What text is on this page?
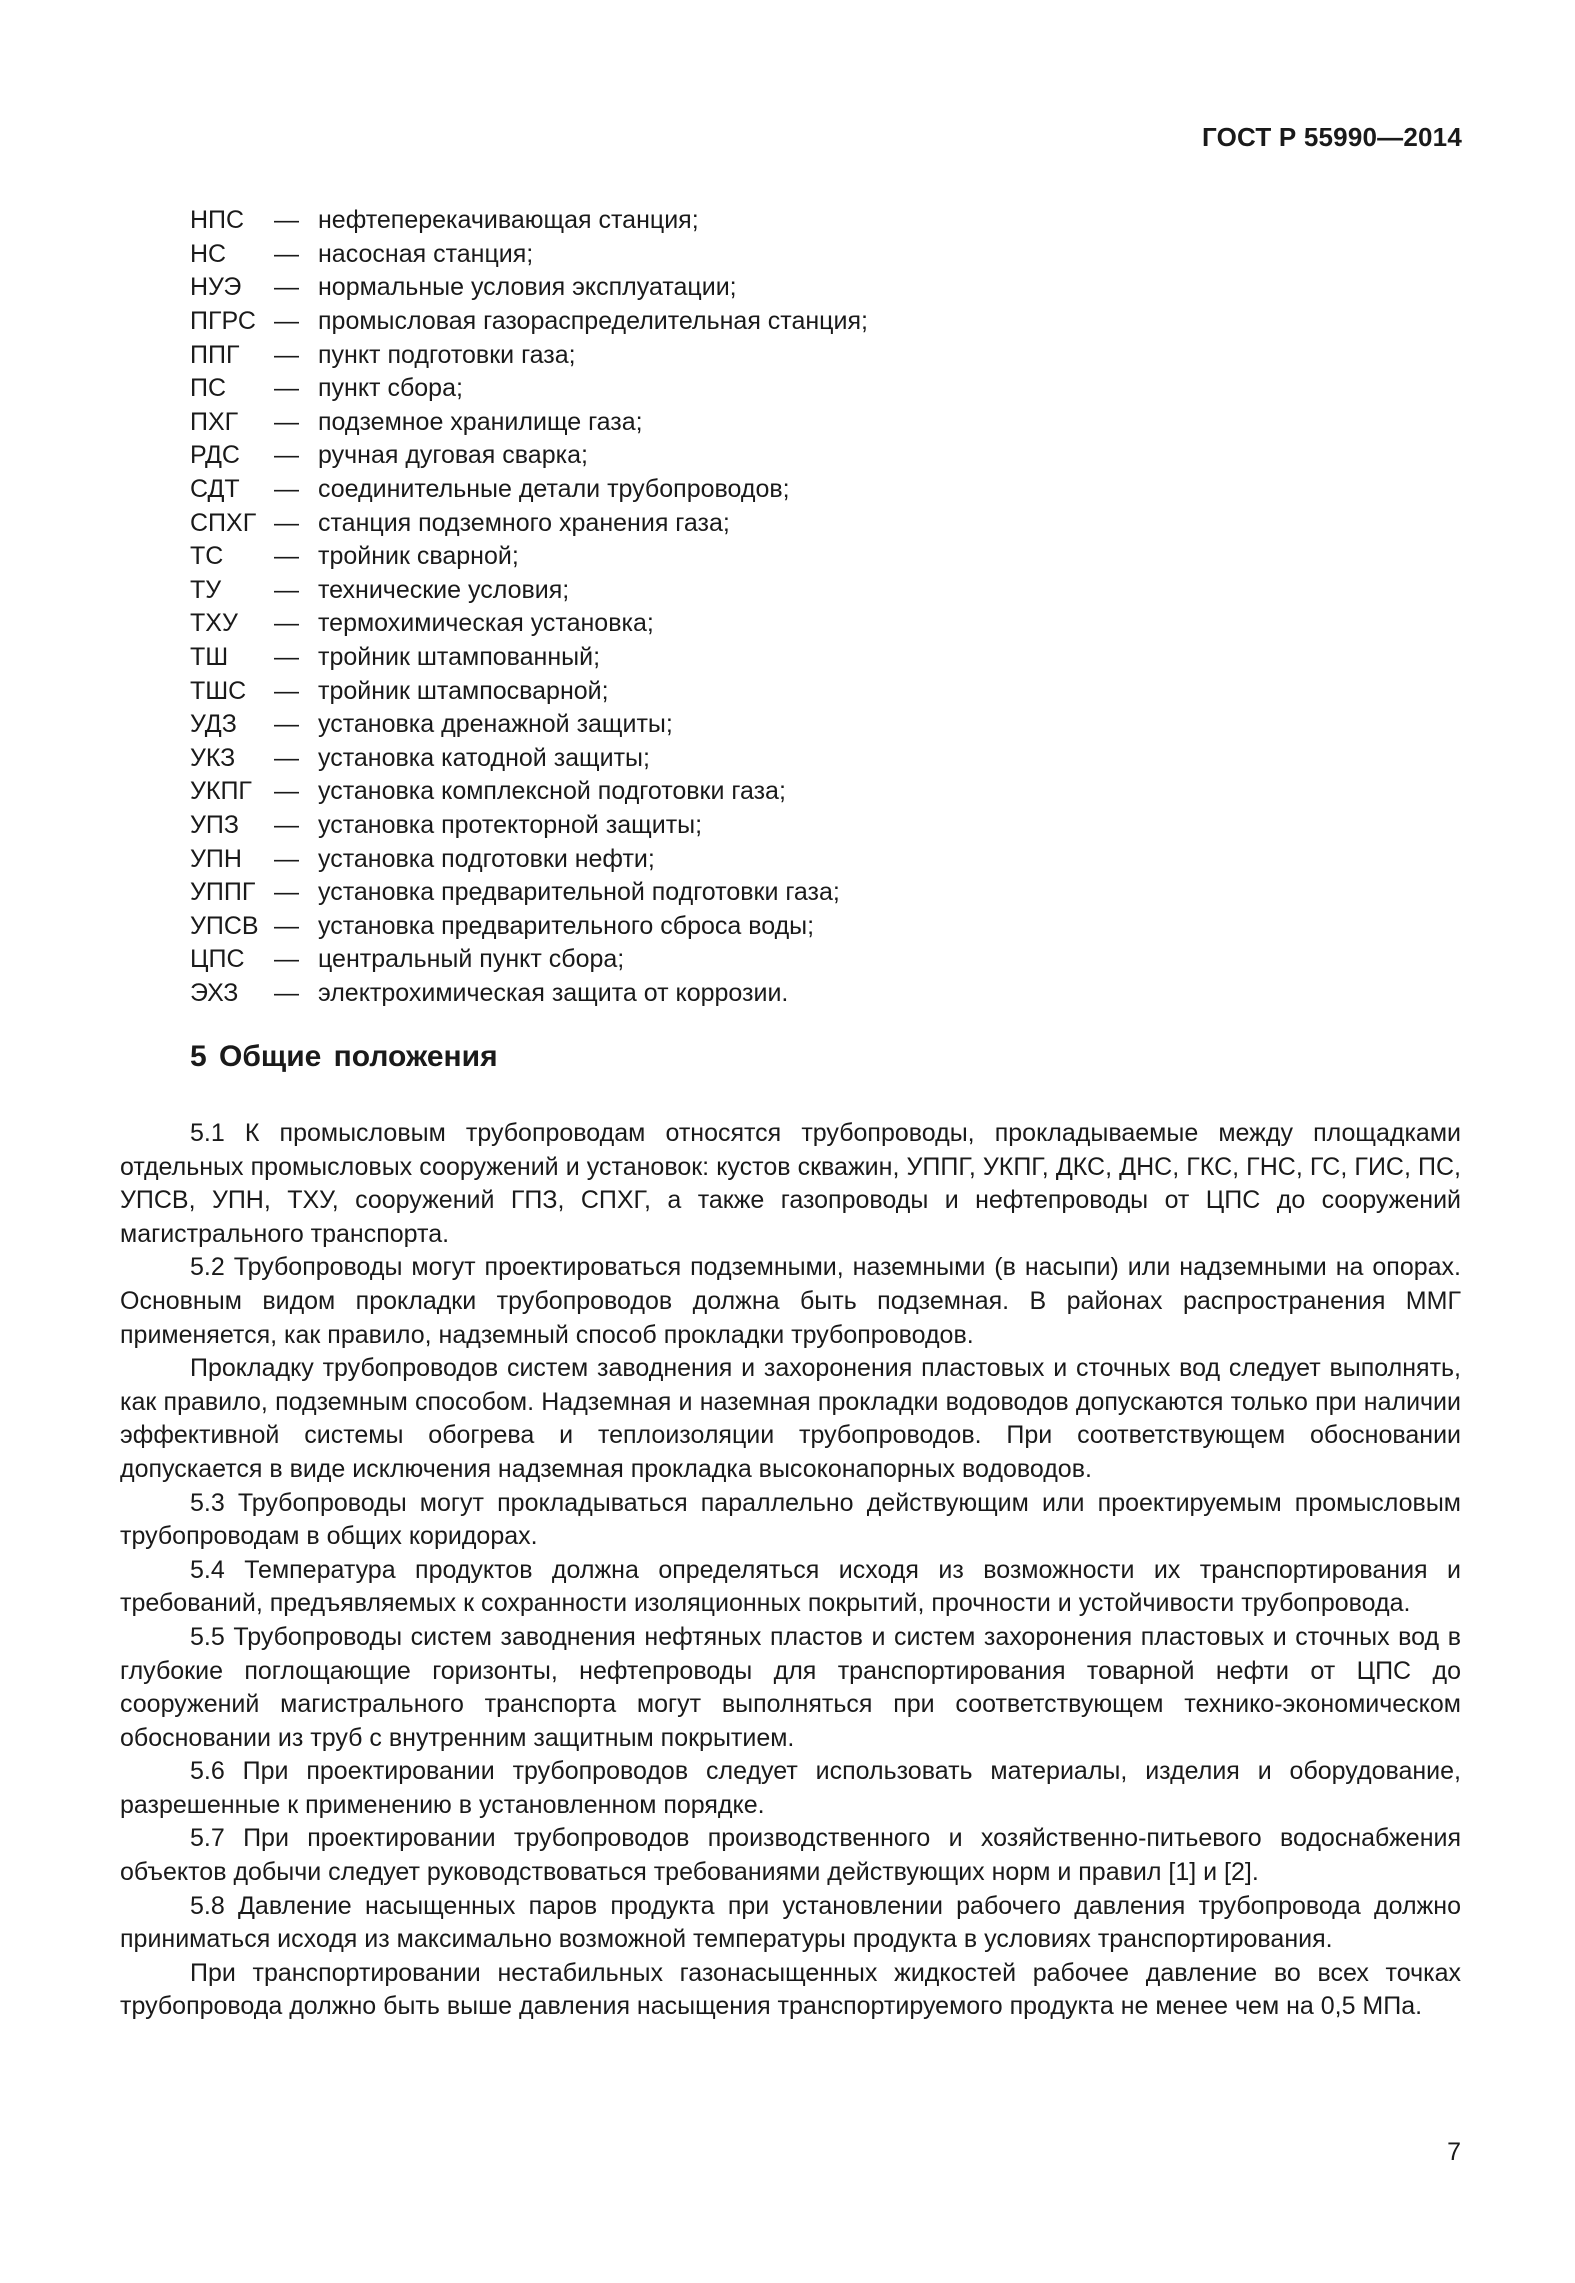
ГОСТ Р 55990—2014
НПС	— нефтеперекачивающая станция;
НС	— насосная станция;
НУЭ	— нормальные условия эксплуатации;
ПГРС — промысловая газораспределительная станция;
ППГ	— пункт подготовки газа;
ПС	— пункт сбора;
ПХГ	— подземное хранилище газа;
РДС	— ручная дуговая сварка;
СДТ	— соединительные детали трубопроводов;
СПХГ — станция подземного хранения газа;
ТС	— тройник сварной;
ТУ	— технические условия;
ТХУ	— термохимическая установка;
ТШ	— тройник штампованный;
ТШС	— тройник штампосварной;
УДЗ	— установка дренажной защиты;
УКЗ	— установка катодной защиты;
УКПГ — установка комплексной подготовки газа;
УПЗ	— установка протекторной защиты;
УПН	— установка подготовки нефти;
УППГ — установка предварительной подготовки газа;
УПСВ — установка предварительного сброса воды;
ЦПС	— центральный пункт сбора;
ЭХЗ	— электрохимическая защита от коррозии.
5 Общие положения

5.1 К промысловым трубопроводам относятся трубопроводы, прокладываемые между площадками отдельных промысловых сооружений и установок: кустов скважин, УППГ, УКПГ, ДКС, ДНС, ГКС, ГНС, ГС, ГИС, ПС, УПСВ, УПН, ТХУ, сооружений ГПЗ, СПХГ, а также газопроводы и нефтепроводы от ЦПС до сооружений магистрального транспорта.

5.2 Трубопроводы могут проектироваться подземными, наземными (в насыпи) или надземными на опорах. Основным видом прокладки трубопроводов должна быть подземная. В районах распространения ММГ применяется, как правило, надземный способ прокладки трубопроводов.

Прокладку трубопроводов систем заводнения и захоронения пластовых и сточных вод следует выполнять, как правило, подземным способом. Надземная и наземная прокладки водоводов допускаются только при наличии эффективной системы обогрева и теплоизоляции трубопроводов. При соответствующем обосновании допускается в виде исключения надземная прокладка высоконапорных водоводов.

5.3 Трубопроводы могут прокладываться параллельно действующим или проектируемым промысловым трубопроводам в общих коридорах.

5.4 Температура продуктов должна определяться исходя из возможности их транспортирования и требований, предъявляемых к сохранности изоляционных покрытий, прочности и устойчивости трубопровода.

5.5 Трубопроводы систем заводнения нефтяных пластов и систем захоронения пластовых и сточных вод в глубокие поглощающие горизонты, нефтепроводы для транспортирования товарной нефти от ЦПС до сооружений магистрального транспорта могут выполняться при соответствующем технико-экономическом обосновании из труб с внутренним защитным покрытием.

5.6 При проектировании трубопроводов следует использовать материалы, изделия и оборудование, разрешенные к применению в установленном порядке.

5.7 При проектировании трубопроводов производственного и хозяйственно-питьевого водоснабжения объектов добычи следует руководствоваться требованиями действующих норм и правил [1] и [2].

5.8 Давление насыщенных паров продукта при установлении рабочего давления трубопровода должно приниматься исходя из максимально возможной температуры продукта в условиях транспортирования.

При транспортировании нестабильных газонасыщенных жидкостей рабочее давление во всех точках трубопровода должно быть выше давления насыщения транспортируемого продукта не менее чем на 0,5 МПа.

7
